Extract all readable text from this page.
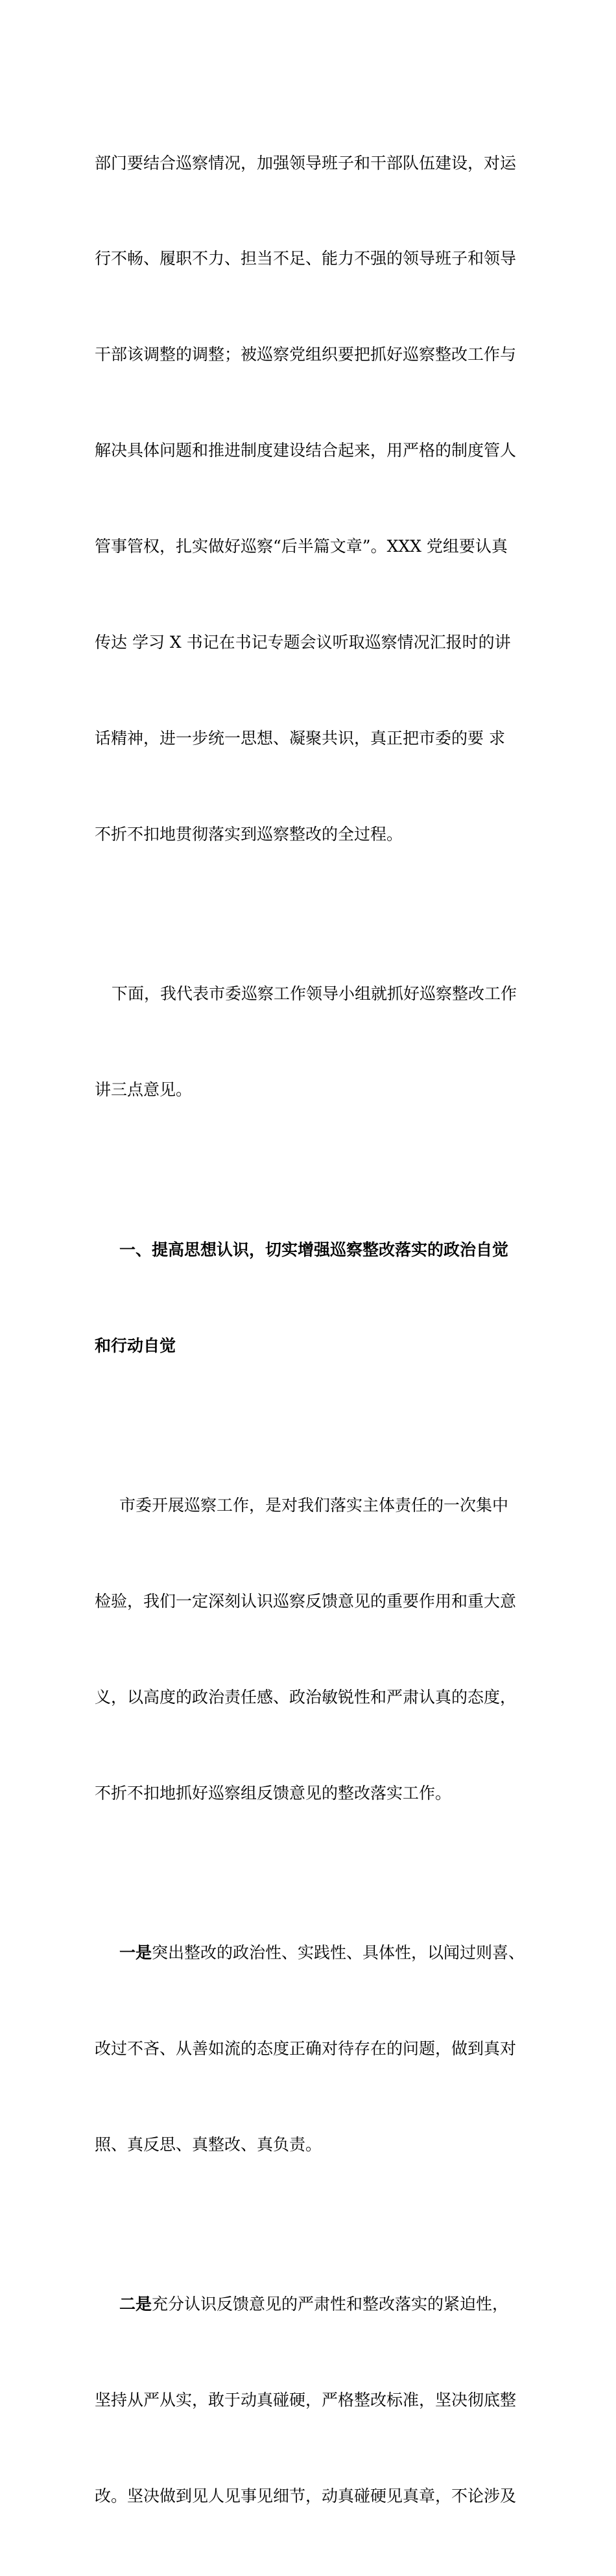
部门要结合巡察情况，加强领导班子和干部队伍建设，对运

行不畅、履职不力、担当不足、能力不强的领导班子和领导

干部该调整的调整；被巡察党组织要把抓好巡察整改工作与

解决具体问题和推进制度建设结合起来，用严格的制度管人

管事管权，扎实做好巡察“后半篇文章”。XXX 党组要认真

传达 学习 X 书记在书记专题会议听取巡察情况汇报时的讲

话精神，进一步统一思想、凝聚共识，真正把市委的要 求

不折不扣地贯彻落实到巡察整改的全过程。

下面，我代表市委巡察工作领导小组就抓好巡察整改工作

讲三点意见。

一、提高思想认识，切实增强巡察整改落实的政治自觉

和行动自觉

市委开展巡察工作，是对我们落实主体责任的一次集中

检验，我们一定深刻认识巡察反馈意见的重要作用和重大意

义，以高度的政治责任感、政治敏锐性和严肃认真的态度，

不折不扣地抓好巡察组反馈意见的整改落实工作。

一是突出整改的政治性、实践性、具体性，以闻过则喜、

改过不吝、从善如流的态度正确对待存在的问题，做到真对

照、真反思、真整改、真负责。

二是充分认识反馈意见的严肃性和整改落实的紧迫性，

坚持从严从实，敢于动真碰硬，严格整改标准，坚决彻底整

改。坚决做到见人见事见细节，动真碰硬见真章，不论涉及
